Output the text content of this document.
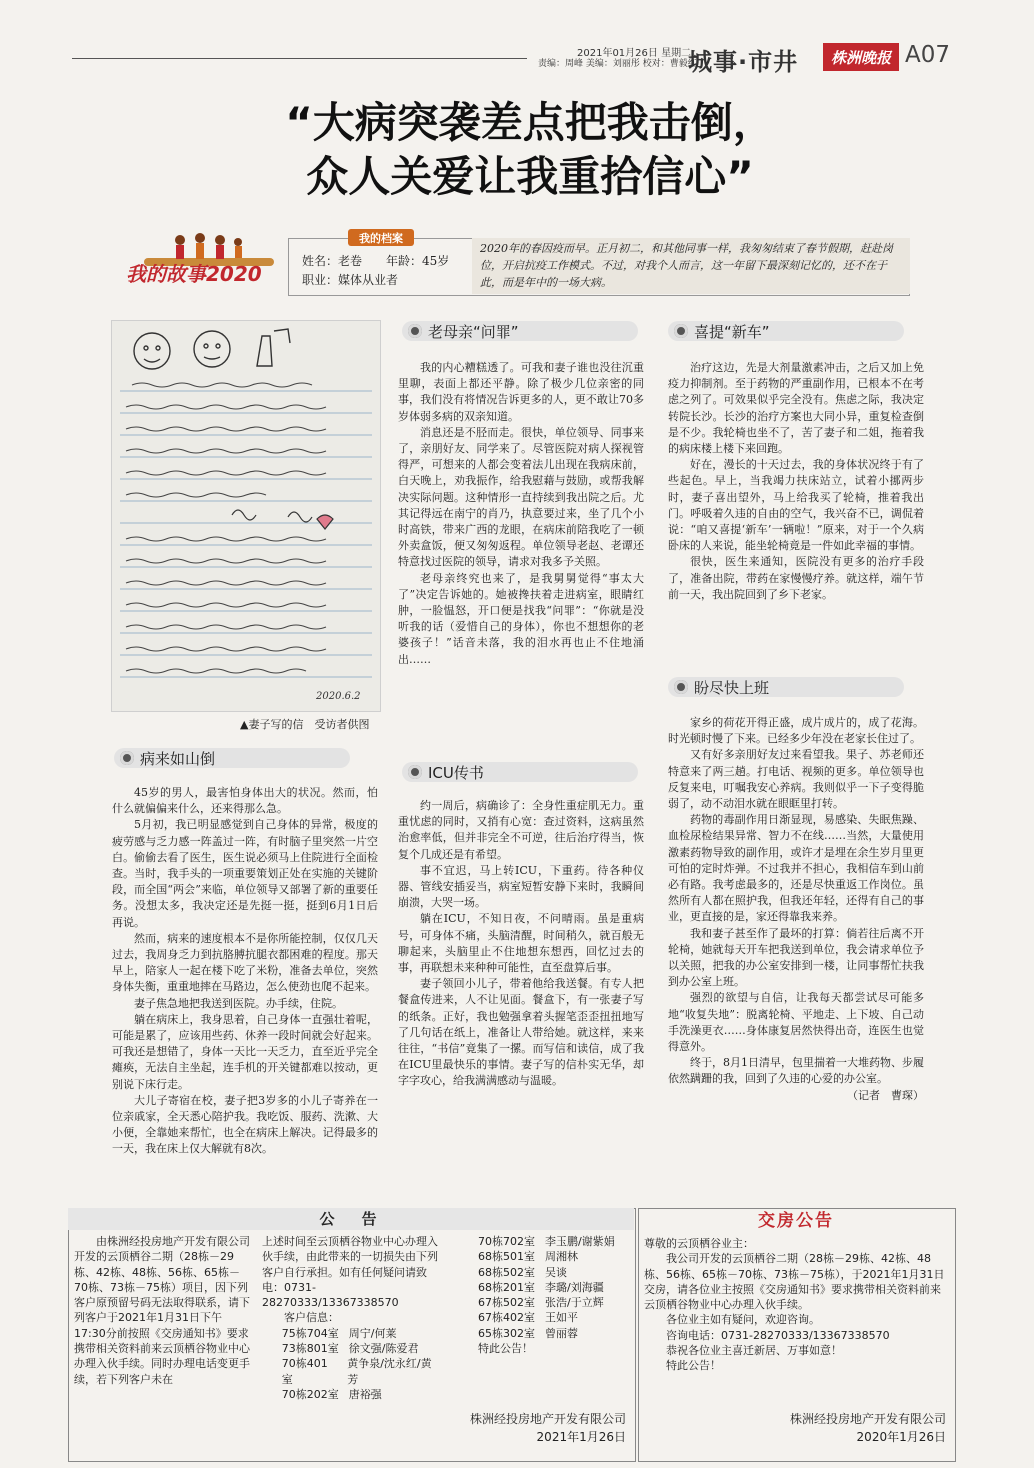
2021年01月26日 星期二
责编：周峰 美编：刘丽彤 校对：曹毅红
城事·市井	株洲晚报 A07
“大病突袭差点把我击倒，
众人关爱让我重拾信心”
我的故事2020
我的档案
姓名：老卷　　年龄：45岁
职业：媒体从业者
2020年的春因疫而早。正月初二，和其他同事一样，我匆匆结束了春节假期，赶赴岗位，开启抗疫工作模式。不过，对我个人而言，这一年留下最深刻记忆的，还不在于此，而是年中的一场大病。
2020.6.2
▲妻子写的信　受访者供图
病来如山倒
老母亲“问罪”
ICU传书
喜提“新车”
盼尽快上班

45岁的男人，最害怕身体出大的状况。然而，怕什么就偏偏来什么，还来得那么急。

5月初，我已明显感觉到自己身体的异常，极度的疲劳感与乏力感一阵盖过一阵，有时脑子里突然一片空白。偷偷去看了医生，医生说必须马上住院进行全面检查。当时，我手头的一项重要策划正处在实施的关键阶段，而全国“两会”来临，单位领导又部署了新的重要任务。没想太多，我决定还是先挺一挺，挺到6月1日后再说。

然而，病来的速度根本不是你所能控制，仅仅几天过去，我周身乏力到抗胳膊抗腿衣都困难的程度。那天早上，陪家人一起在楼下吃了米粉，准备去单位，突然身体失衡，重重地摔在马路边，怎么使劲也爬不起来。

妻子焦急地把我送到医院。办手续，住院。

躺在病床上，我身思着，自己身体一直强壮着呢，可能是累了，应该用些药、休养一段时间就会好起来。可我还是想错了，身体一天比一天乏力，直至近乎完全瘫痪，无法自主坐起，连手机的开关键都难以按动，更别说下床行走。

大儿子寄宿在校，妻子把3岁多的小儿子寄养在一位亲戚家，全天悉心陪护我。我吃饭、服药、洗漱、大小便，全靠她来帮忙，也全在病床上解决。记得最多的一天，我在床上仅大解就有8次。

我的内心糟糕透了。可我和妻子谁也没往沉重里聊，表面上都还平静。除了极少几位亲密的同事，我们没有将情况告诉更多的人，更不敢让70多岁体弱多病的双亲知道。

消息还是不胫而走。很快，单位领导、同事来了，亲朋好友、同学来了。尽管医院对病人探视管得严，可想来的人都会变着法儿出现在我病床前，白天晚上，劝我振作，给我慰藉与鼓励，或帮我解决实际问题。这种情形一直持续到我出院之后。尤其记得远在南宁的肖乃，执意要过来，坐了几个小时高铁，带来广西的龙眼，在病床前陪我吃了一顿外卖盒饭，便又匆匆返程。单位领导老赵、老谭还特意找过医院的领导，请求对我多予关照。

老母亲终究也来了，是我舅舅觉得“事太大了”决定告诉她的。她被搀扶着走进病室，眼睛红肿，一脸愠怒，开口便是找我“问罪”：“你就是没听我的话（爱惜自己的身体），你也不想想你的老婆孩子！”话音未落，我的泪水再也止不住地涌出……

约一周后，病确诊了：全身性重症肌无力。重重忧虑的同时，又捎有心宽：查过资料，这病虽然治愈率低，但并非完全不可逆，往后治疗得当，恢复个几成还是有希望。

事不宜迟，马上转ICU，下重药。待各种仪器、管线安插妥当，病室短暂安静下来时，我瞬间崩溃，大哭一场。

躺在ICU，不知日夜，不问晴雨。虽是重病号，可身体不痛，头脑清醒，时间稍久，就百般无聊起来，头脑里止不住地想东想西，回忆过去的事，再联想未来种种可能性，直至盘算后事。

妻子领回小儿子，带着他给我送餐。有专人把餐盒传进来，人不让见面。餐盒下，有一张妻子写的纸条。正好，我也勉强拿着头握笔歪歪扭扭地写了几句话在纸上，准备让人带给她。就这样，来来往往，“书信”竟集了一摞。而写信和读信，成了我在ICU里最快乐的事情。妻子写的信朴实无华，却字字攻心，给我满满感动与温暖。

治疗这边，先是大剂量激素冲击，之后又加上免疫力抑制剂。至于药物的严重副作用，已根本不在考虑之列了。可效果似乎完全没有。焦虑之际，我决定转院长沙。长沙的治疗方案也大同小异，重复检查倒是不少。我轮椅也坐不了，苦了妻子和二姐，拖着我的病床楼上楼下来回跑。

好在，漫长的十天过去，我的身体状况终于有了些起色。早上，当我竭力扶床站立，试着小挪两步时，妻子喜出望外，马上给我买了轮椅，推着我出门。呼吸着久违的自由的空气，我兴奋不已，调侃着说：“咱又喜提‘新车’一辆啦！”原来，对于一个久病卧床的人来说，能坐轮椅竟是一件如此幸福的事情。

很快，医生来通知，医院没有更多的治疗手段了，准备出院，带药在家慢慢疗养。就这样，端午节前一天，我出院回到了乡下老家。

家乡的荷花开得正盛，成片成片的，成了花海。时光顿时慢了下来。已经多少年没在老家长住过了。

又有好多亲朋好友过来看望我。果子、苏老师还特意来了两三趟。打电话、视频的更多。单位领导也反复来电，叮嘱我安心养病。我则似乎一下子变得脆弱了，动不动泪水就在眼眶里打转。

药物的毒副作用日渐显现，易感染、失眠焦躁、血检尿检结果异常、智力不在线……当然，大量使用激素药物导致的副作用，或许才是埋在余生岁月里更可怕的定时炸弹。不过我并不担心，我相信车到山前必有路。我考虑最多的，还是尽快重返工作岗位。虽然所有人都在照护我，但我还年轻，还得有自己的事业，更直接的是，家还得靠我来养。

我和妻子甚至作了最坏的打算：倘若往后离不开轮椅，她就每天开车把我送到单位，我会请求单位予以关照，把我的办公室安排到一楼，让同事帮忙扶我到办公室上班。

强烈的欲望与自信，让我每天都尝试尽可能多地“收复失地”：脱离轮椅、平地走、上下坡、自己动手洗澡更衣……身体康复居然快得出奇，连医生也觉得意外。

终于，8月1日清早，包里揣着一大堆药物、步履依然蹒跚的我，回到了久违的心爱的办公室。

（记者　曹琛）
公　告
由株洲经投房地产开发有限公司开发的云顶栖谷二期（28栋－29栋、42栋、48栋、56栋、65栋－70栋、73栋－75栋）项目，因下列客户原预留号码无法取得联系，请下列客户于2021年1月31日下午17:30分前按照《交房通知书》要求携带相关资料前来云顶栖谷物业中心办理入伙手续。同时办理电话变更手续，若下列客户未在
上述时间至云顶栖谷物业中心办理入伙手续，由此带来的一切损失由下列客户自行承担。如有任何疑问请致电：0731-28270333/13367338570
客户信息：
75栋704室 周宁/何莱
73栋801室 徐文强/陈爱君
70栋401室
黄争泉/沈永红/黄芳
70栋202室 唐裕强
70栋702室 李玉鹏/谢紫娟
68栋501室 周湘林
68栋502室 吴谈
68栋201室 李璐/刘海疆
67栋502室 张浩/于立辉
67栋402室 王如平
65栋302室 曾丽蓉
特此公告！
株洲经投房地产开发有限公司
2021年1月26日
交房公告
尊敬的云顶栖谷业主：
我公司开发的云顶栖谷二期（28栋－29栋、42栋、48栋、56栋、65栋－70栋、73栋－75栋），于2021年1月31日交房，请各位业主按照《交房通知书》要求携带相关资料前来云顶栖谷物业中心办理入伙手续。
各位业主如有疑问，欢迎咨询。
咨询电话：0731-28270333/13367338570
恭祝各位业主喜迁新居、万事如意！
特此公告！
株洲经投房地产开发有限公司
2020年1月26日
